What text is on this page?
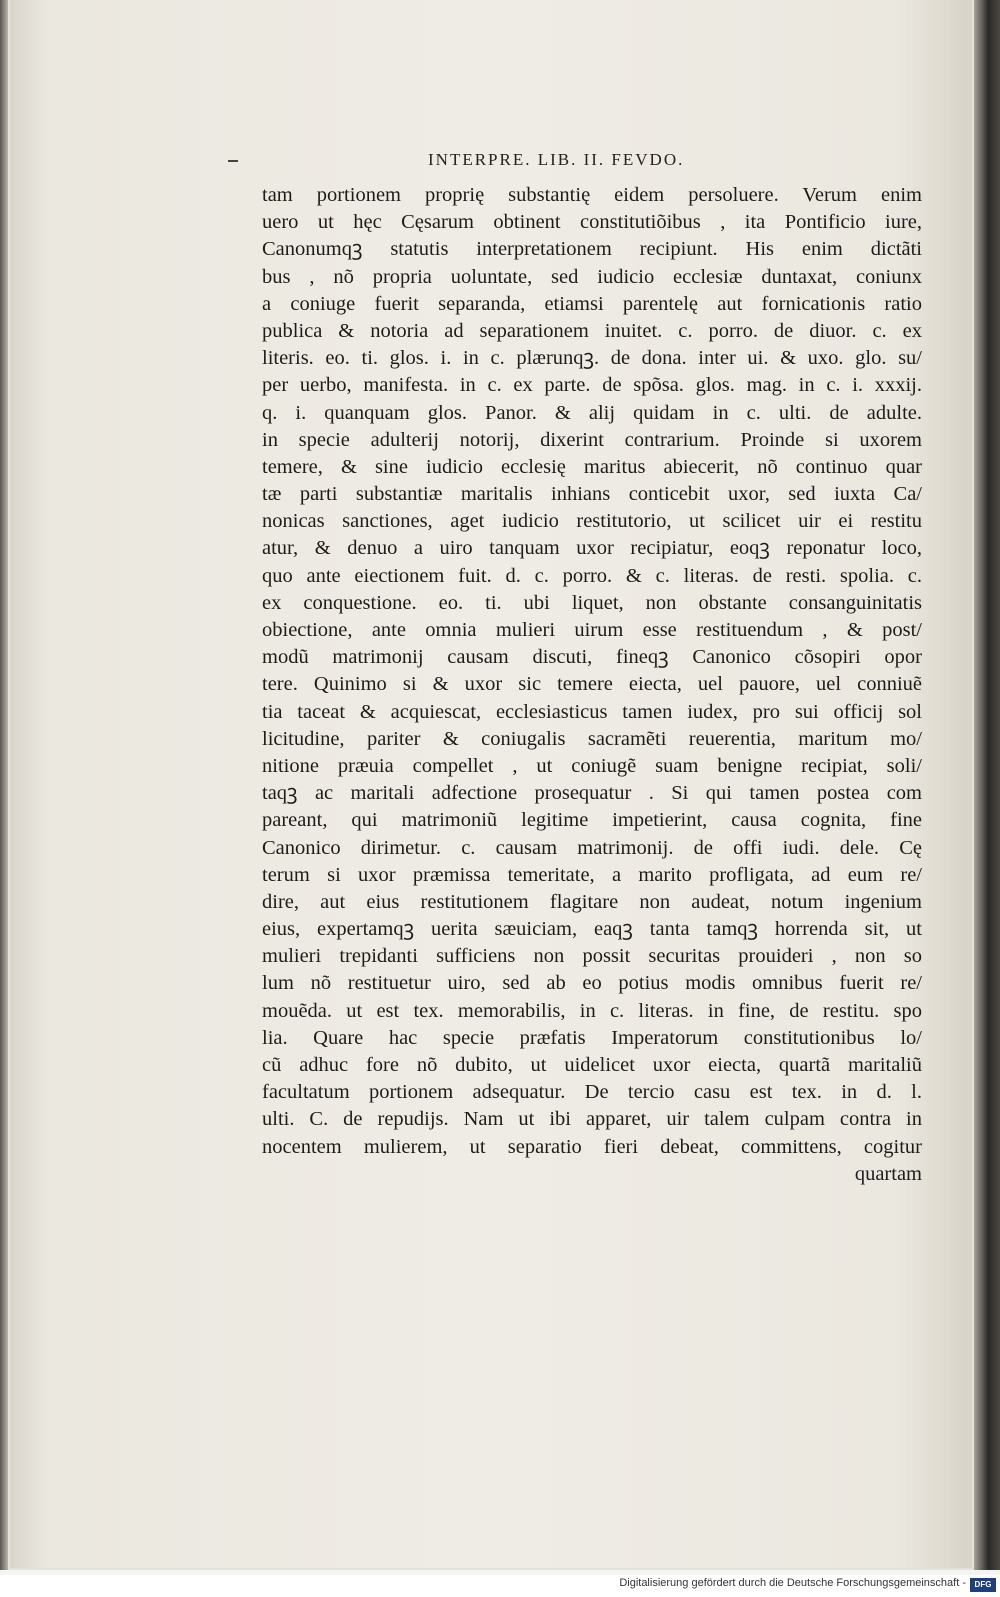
INTERPRE. LIB. II. FEVDO.
tam portionem proprię substantię eidem persoluere. Verum enim
uero ut hęc Cęsarum obtinent constitutiõibus , ita Pontificio iure,
Canonumqꝫ statutis interpretationem recipiunt. His enim dictãti
bus , nõ propria uoluntate, sed iudicio ecclesiæ duntaxat, coniunx
a coniuge fuerit separanda, etiamsi parentelę aut fornicationis ratio
publica & notoria ad separationem inuitet. c. porro. de diuor. c. ex
literis. eo. ti. glos. i. in c. plærunqꝫ. de dona. inter ui. & uxo. glo. su/
per uerbo, manifesta. in c. ex parte. de spõsa. glos. mag. in c. i. xxxij.
q. i. quanquam glos. Panor. & alij quidam in c. ulti. de adulte.
in specie adulterij notorij, dixerint contrarium. Proinde si uxorem
temere, & sine iudicio ecclesię maritus abiecerit, nõ continuo quar
tæ parti substantiæ maritalis inhians conticebit uxor, sed iuxta Ca/
nonicas sanctiones, aget iudicio restitutorio, ut scilicet uir ei restitu
atur, & denuo a uiro tanquam uxor recipiatur, eoqꝫ reponatur loco,
quo ante eiectionem fuit. d. c. porro. & c. literas. de resti. spolia. c.
ex conquestione. eo. ti. ubi liquet, non obstante consanguinitatis
obiectione, ante omnia mulieri uirum esse restituendum , & post/
modũ matrimonij causam discuti, fineqꝫ Canonico cõsopiri opor
tere. Quinimo si & uxor sic temere eiecta, uel pauore, uel conniuẽ
tia taceat & acquiescat, ecclesiasticus tamen iudex, pro sui officij sol
licitudine, pariter & coniugalis sacramẽti reuerentia, maritum mo/
nitione præuia compellet , ut coniugẽ suam benigne recipiat, soli/
taqꝫ ac maritali adfectione prosequatur . Si qui tamen postea com
pareant, qui matrimoniũ legitime impetierint, causa cognita, fine
Canonico dirimetur. c. causam matrimonij. de offi iudi. dele. Cę
terum si uxor præmissa temeritate, a marito profligata, ad eum re/
dire, aut eius restitutionem flagitare non audeat, notum ingenium
eius, expertamqꝫ uerita sæuiciam, eaqꝫ tanta tamqꝫ horrenda sit, ut
mulieri trepidanti sufficiens non possit securitas prouideri , non so
lum nõ restituetur uiro, sed ab eo potius modis omnibus fuerit re/
mouẽda. ut est tex. memorabilis, in c. literas. in fine, de restitu. spo
lia. Quare hac specie præfatis Imperatorum constitutionibus lo/
cũ adhuc fore nõ dubito, ut uidelicet uxor eiecta, quartã maritaliũ
facultatum portionem adsequatur. De tercio casu est tex. in d. l.
ulti. C. de repudijs. Nam ut ibi apparet, uir talem culpam contra in
nocentem mulierem, ut separatio fieri debeat, committens, cogitur
quartam
Digitalisierung gefördert durch die Deutsche Forschungsgemeinschaft -	DFG
